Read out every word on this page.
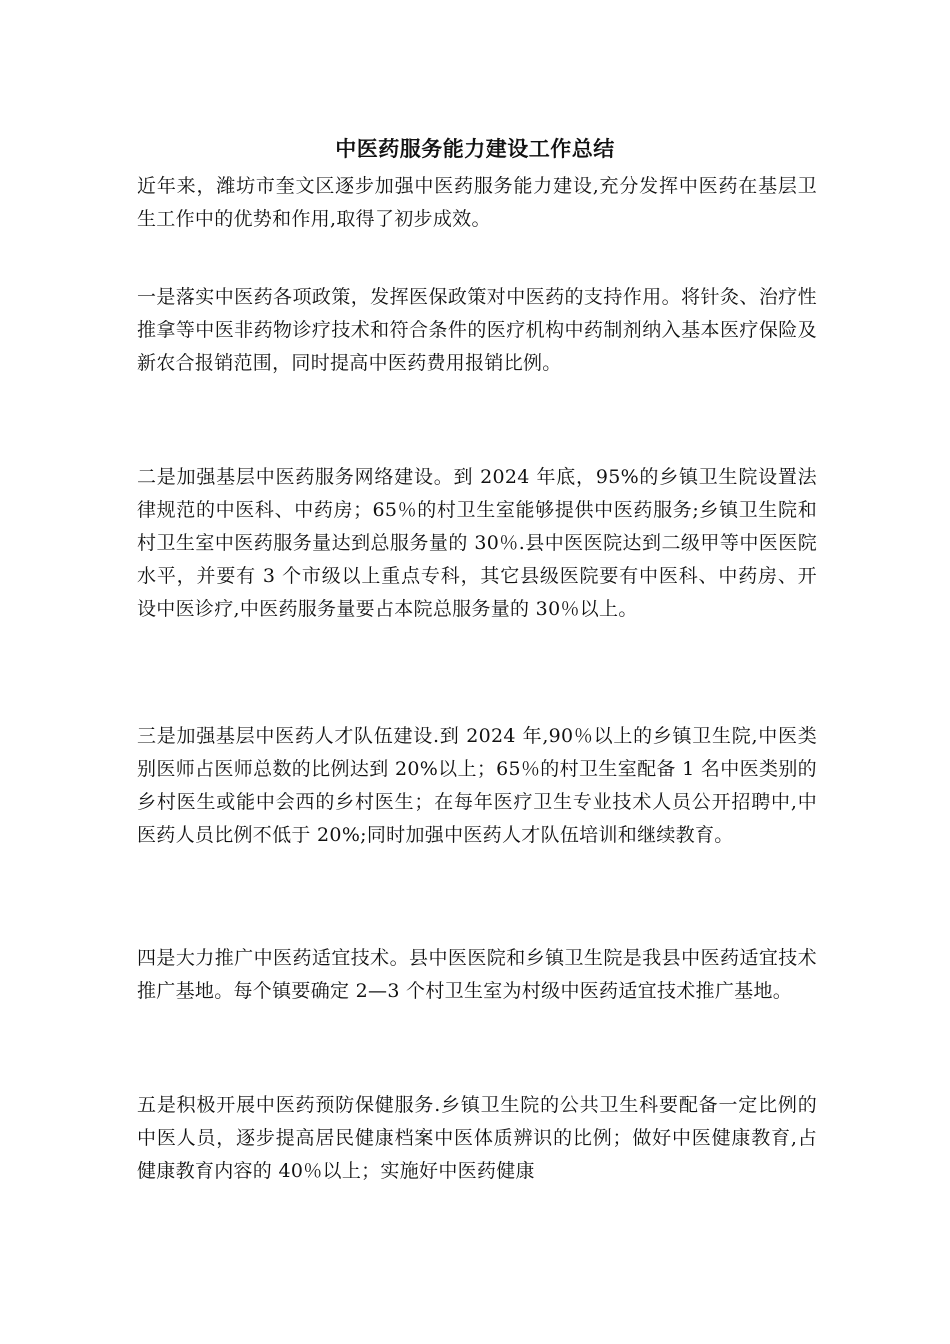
中医药服务能力建设工作总结
近年来，潍坊市奎文区逐步加强中医药服务能力建设,充分发挥中医药在基层卫生工作中的优势和作用,取得了初步成效。
一是落实中医药各项政策，发挥医保政策对中医药的支持作用。将针灸、治疗性推拿等中医非药物诊疗技术和符合条件的医疗机构中药制剂纳入基本医疗保险及新农合报销范围，同时提高中医药费用报销比例。
二是加强基层中医药服务网络建设。到 2024 年底，95%的乡镇卫生院设置法律规范的中医科、中药房；65％的村卫生室能够提供中医药服务;乡镇卫生院和村卫生室中医药服务量达到总服务量的 30％.县中医医院达到二级甲等中医医院水平，并要有 3 个市级以上重点专科，其它县级医院要有中医科、中药房、开设中医诊疗,中医药服务量要占本院总服务量的 30％以上。
三是加强基层中医药人才队伍建设.到 2024 年,90％以上的乡镇卫生院,中医类别医师占医师总数的比例达到 20%以上；65％的村卫生室配备 1 名中医类别的乡村医生或能中会西的乡村医生；在每年医疗卫生专业技术人员公开招聘中,中医药人员比例不低于 20%;同时加强中医药人才队伍培训和继续教育。
四是大力推广中医药适宜技术。县中医医院和乡镇卫生院是我县中医药适宜技术推广基地。每个镇要确定 2—3 个村卫生室为村级中医药适宜技术推广基地。
五是积极开展中医药预防保健服务.乡镇卫生院的公共卫生科要配备一定比例的中医人员，逐步提高居民健康档案中医体质辨识的比例；做好中医健康教育,占健康教育内容的 40％以上；实施好中医药健康
